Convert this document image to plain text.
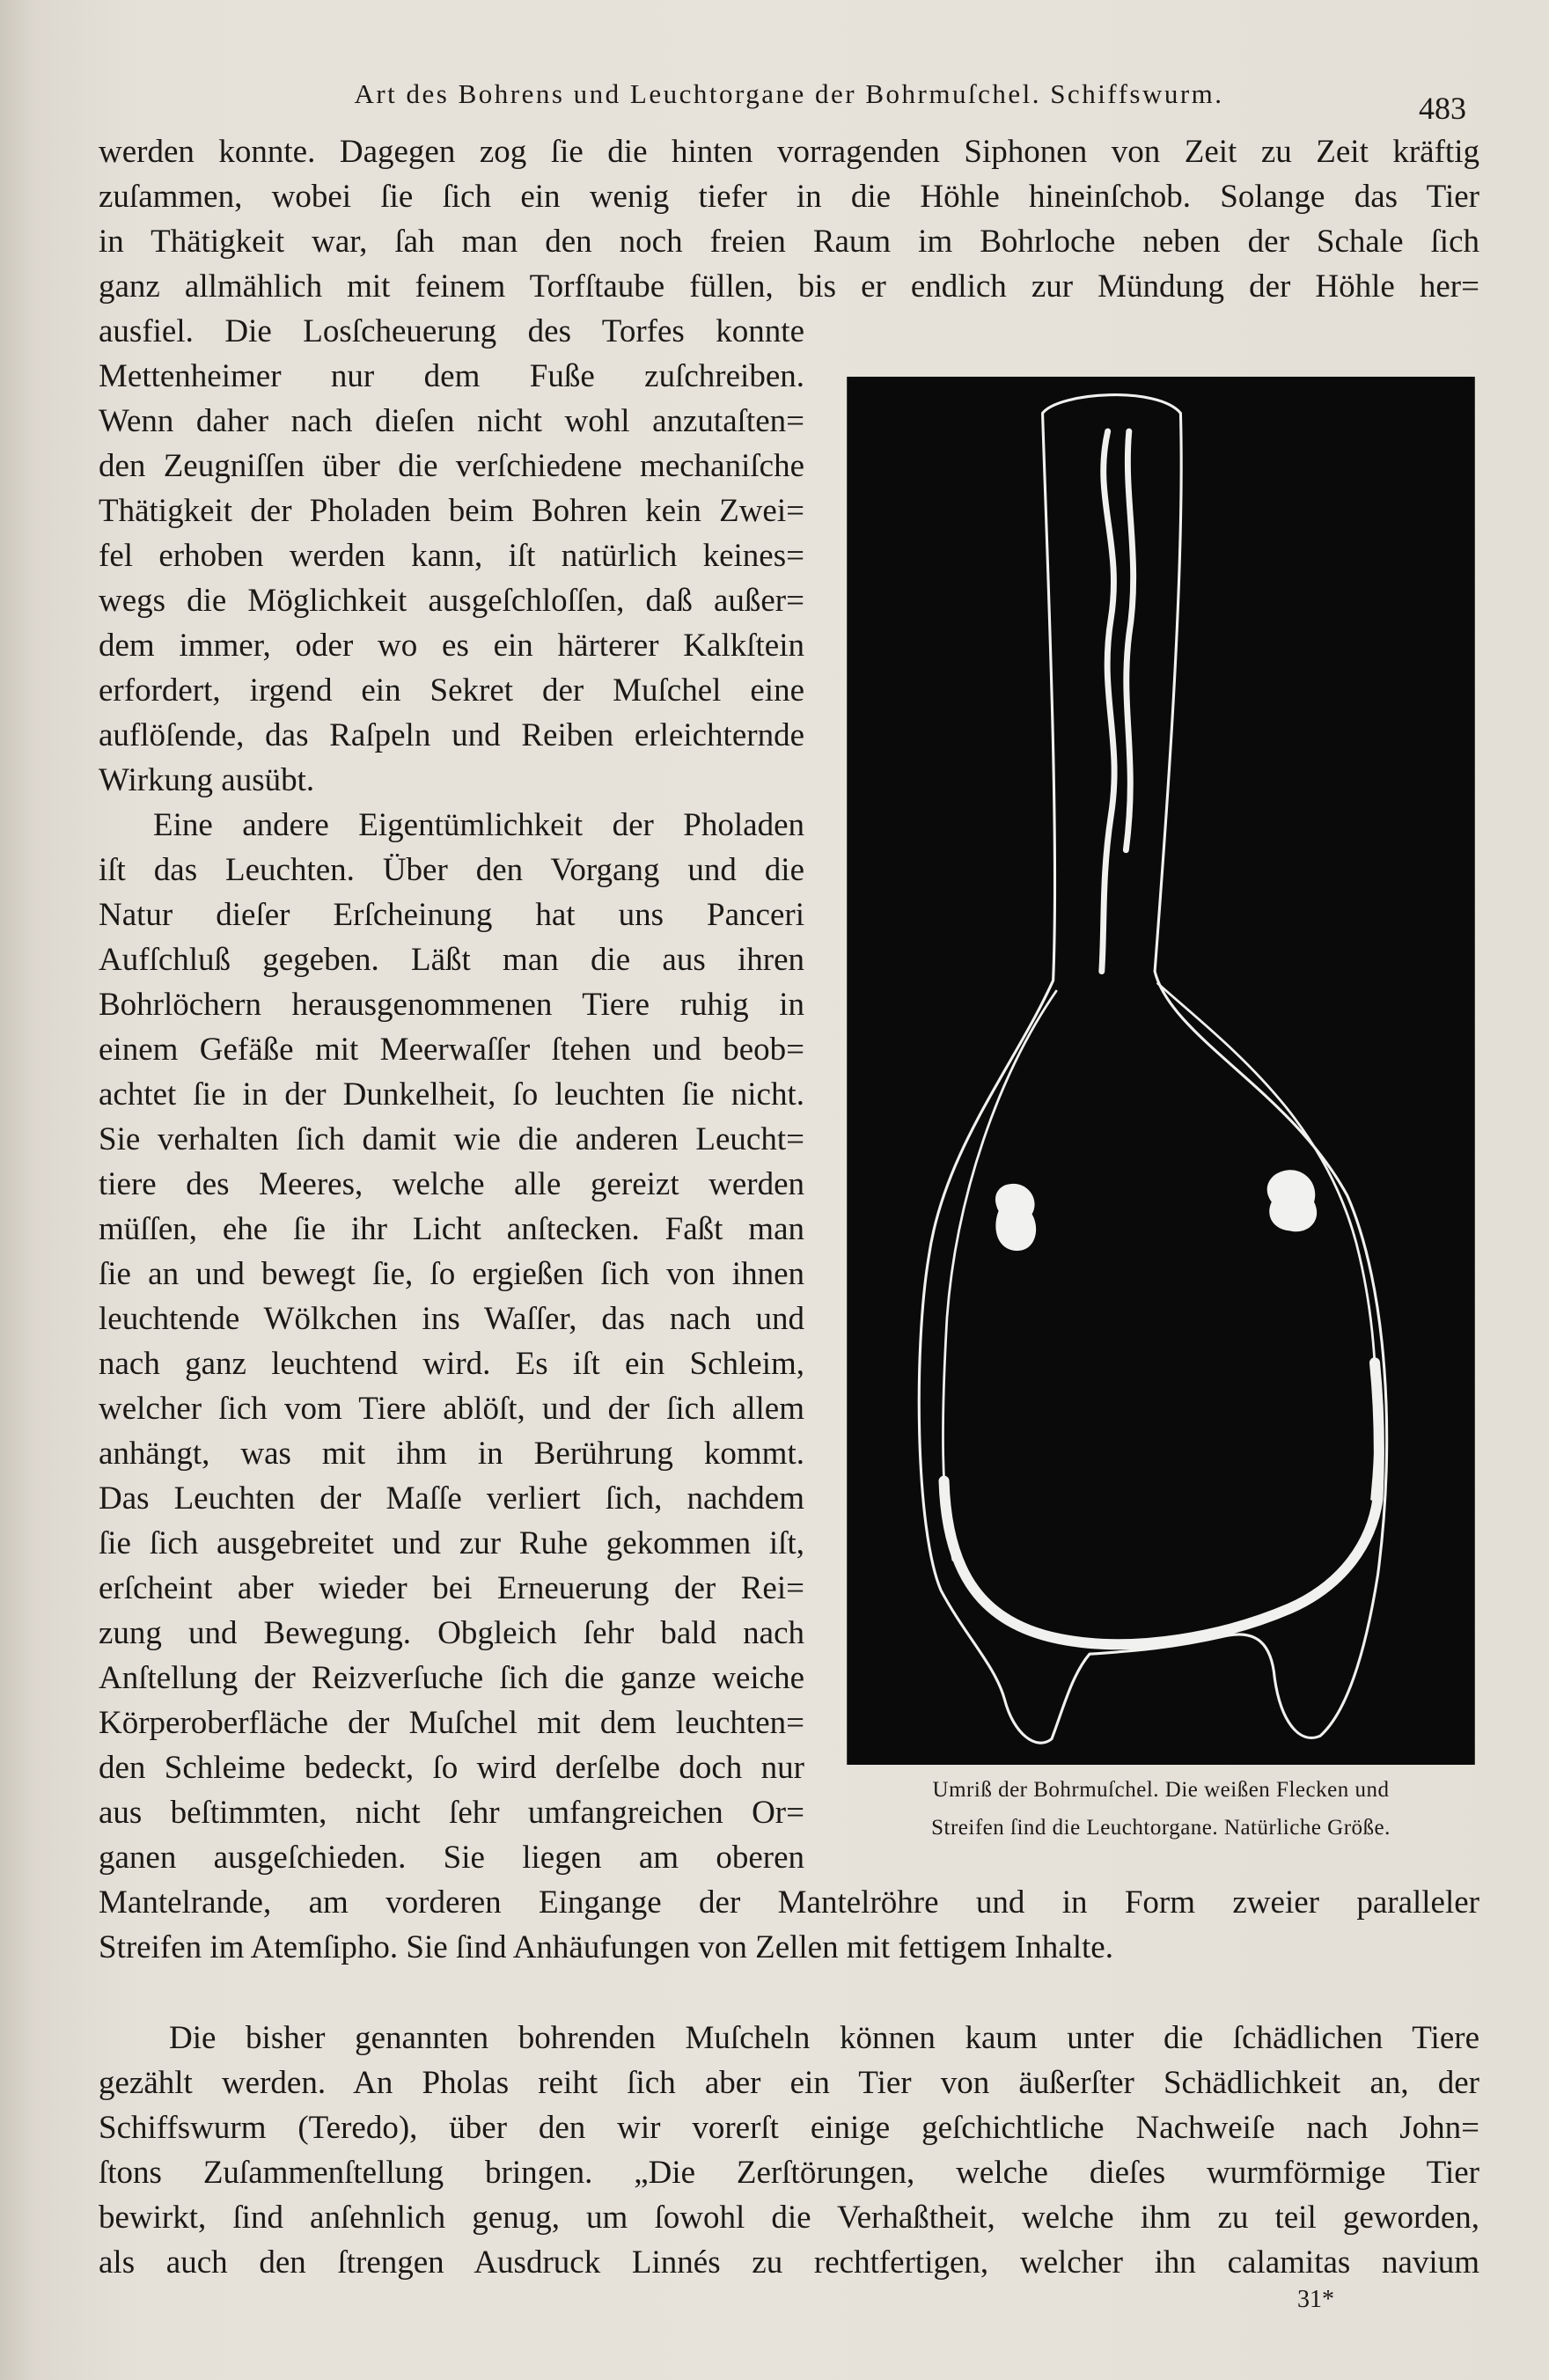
Art des Bohrens und Leuchtorgane der Bohrmuſchel. Schiffswurm.	483
werden konnte. Dagegen zog ſie die hinten vorragenden Siphonen von Zeit zu Zeit kräftig
zuſammen, wobei ſie ſich ein wenig tiefer in die Höhle hineinſchob. Solange das Tier
in Thätigkeit war, ſah man den noch freien Raum im Bohrloche neben der Schale ſich
ganz allmählich mit feinem Torfſtaube füllen, bis er endlich zur Mündung der Höhle her=
ausfiel. Die Losſcheuerung des Torfes konnte
Mettenheimer nur dem Fuße zuſchreiben.
Wenn daher nach dieſen nicht wohl anzutaſten=
den Zeugniſſen über die verſchiedene mechaniſche
Thätigkeit der Pholaden beim Bohren kein Zwei=
fel erhoben werden kann, iſt natürlich keines=
wegs die Möglichkeit ausgeſchloſſen, daß außer=
dem immer, oder wo es ein härterer Kalkſtein
erfordert, irgend ein Sekret der Muſchel eine
auflöſende, das Raſpeln und Reiben erleichternde
Wirkung ausübt.
Eine andere Eigentümlichkeit der Pholaden
iſt das Leuchten. Über den Vorgang und die
Natur dieſer Erſcheinung hat uns Panceri
Aufſchluß gegeben. Läßt man die aus ihren
Bohrlöchern herausgenommenen Tiere ruhig in
einem Gefäße mit Meerwaſſer ſtehen und beob=
achtet ſie in der Dunkelheit, ſo leuchten ſie nicht.
Sie verhalten ſich damit wie die anderen Leucht=
tiere des Meeres, welche alle gereizt werden
müſſen, ehe ſie ihr Licht anſtecken. Faßt man
ſie an und bewegt ſie, ſo ergießen ſich von ihnen
leuchtende Wölkchen ins Waſſer, das nach und
nach ganz leuchtend wird. Es iſt ein Schleim,
welcher ſich vom Tiere ablöſt, und der ſich allem
anhängt, was mit ihm in Berührung kommt.
Das Leuchten der Maſſe verliert ſich, nachdem
ſie ſich ausgebreitet und zur Ruhe gekommen iſt,
erſcheint aber wieder bei Erneuerung der Rei=
zung und Bewegung. Obgleich ſehr bald nach
Anſtellung der Reizverſuche ſich die ganze weiche
Körperoberfläche der Muſchel mit dem leuchten=
den Schleime bedeckt, ſo wird derſelbe doch nur
aus beſtimmten, nicht ſehr umfangreichen Or=
ganen ausgeſchieden. Sie liegen am oberen
Mantelrande, am vorderen Eingange der Mantelröhre und in Form zweier paralleler
Streifen im Atemſipho. Sie ſind Anhäufungen von Zellen mit fettigem Inhalte.
Die bisher genannten bohrenden Muſcheln können kaum unter die ſchädlichen Tiere
gezählt werden. An Pholas reiht ſich aber ein Tier von äußerſter Schädlichkeit an, der
Schiffswurm (Teredo), über den wir vorerſt einige geſchichtliche Nachweiſe nach John=
ſtons Zuſammenſtellung bringen. „Die Zerſtörungen, welche dieſes wurmförmige Tier
bewirkt, ſind anſehnlich genug, um ſowohl die Verhaßtheit, welche ihm zu teil geworden,
als auch den ſtrengen Ausdruck Linnés zu rechtfertigen, welcher ihn calamitas navium
Umriß der Bohrmuſchel. Die weißen Flecken und
Streifen ſind die Leuchtorgane. Natürliche Größe.
31*
